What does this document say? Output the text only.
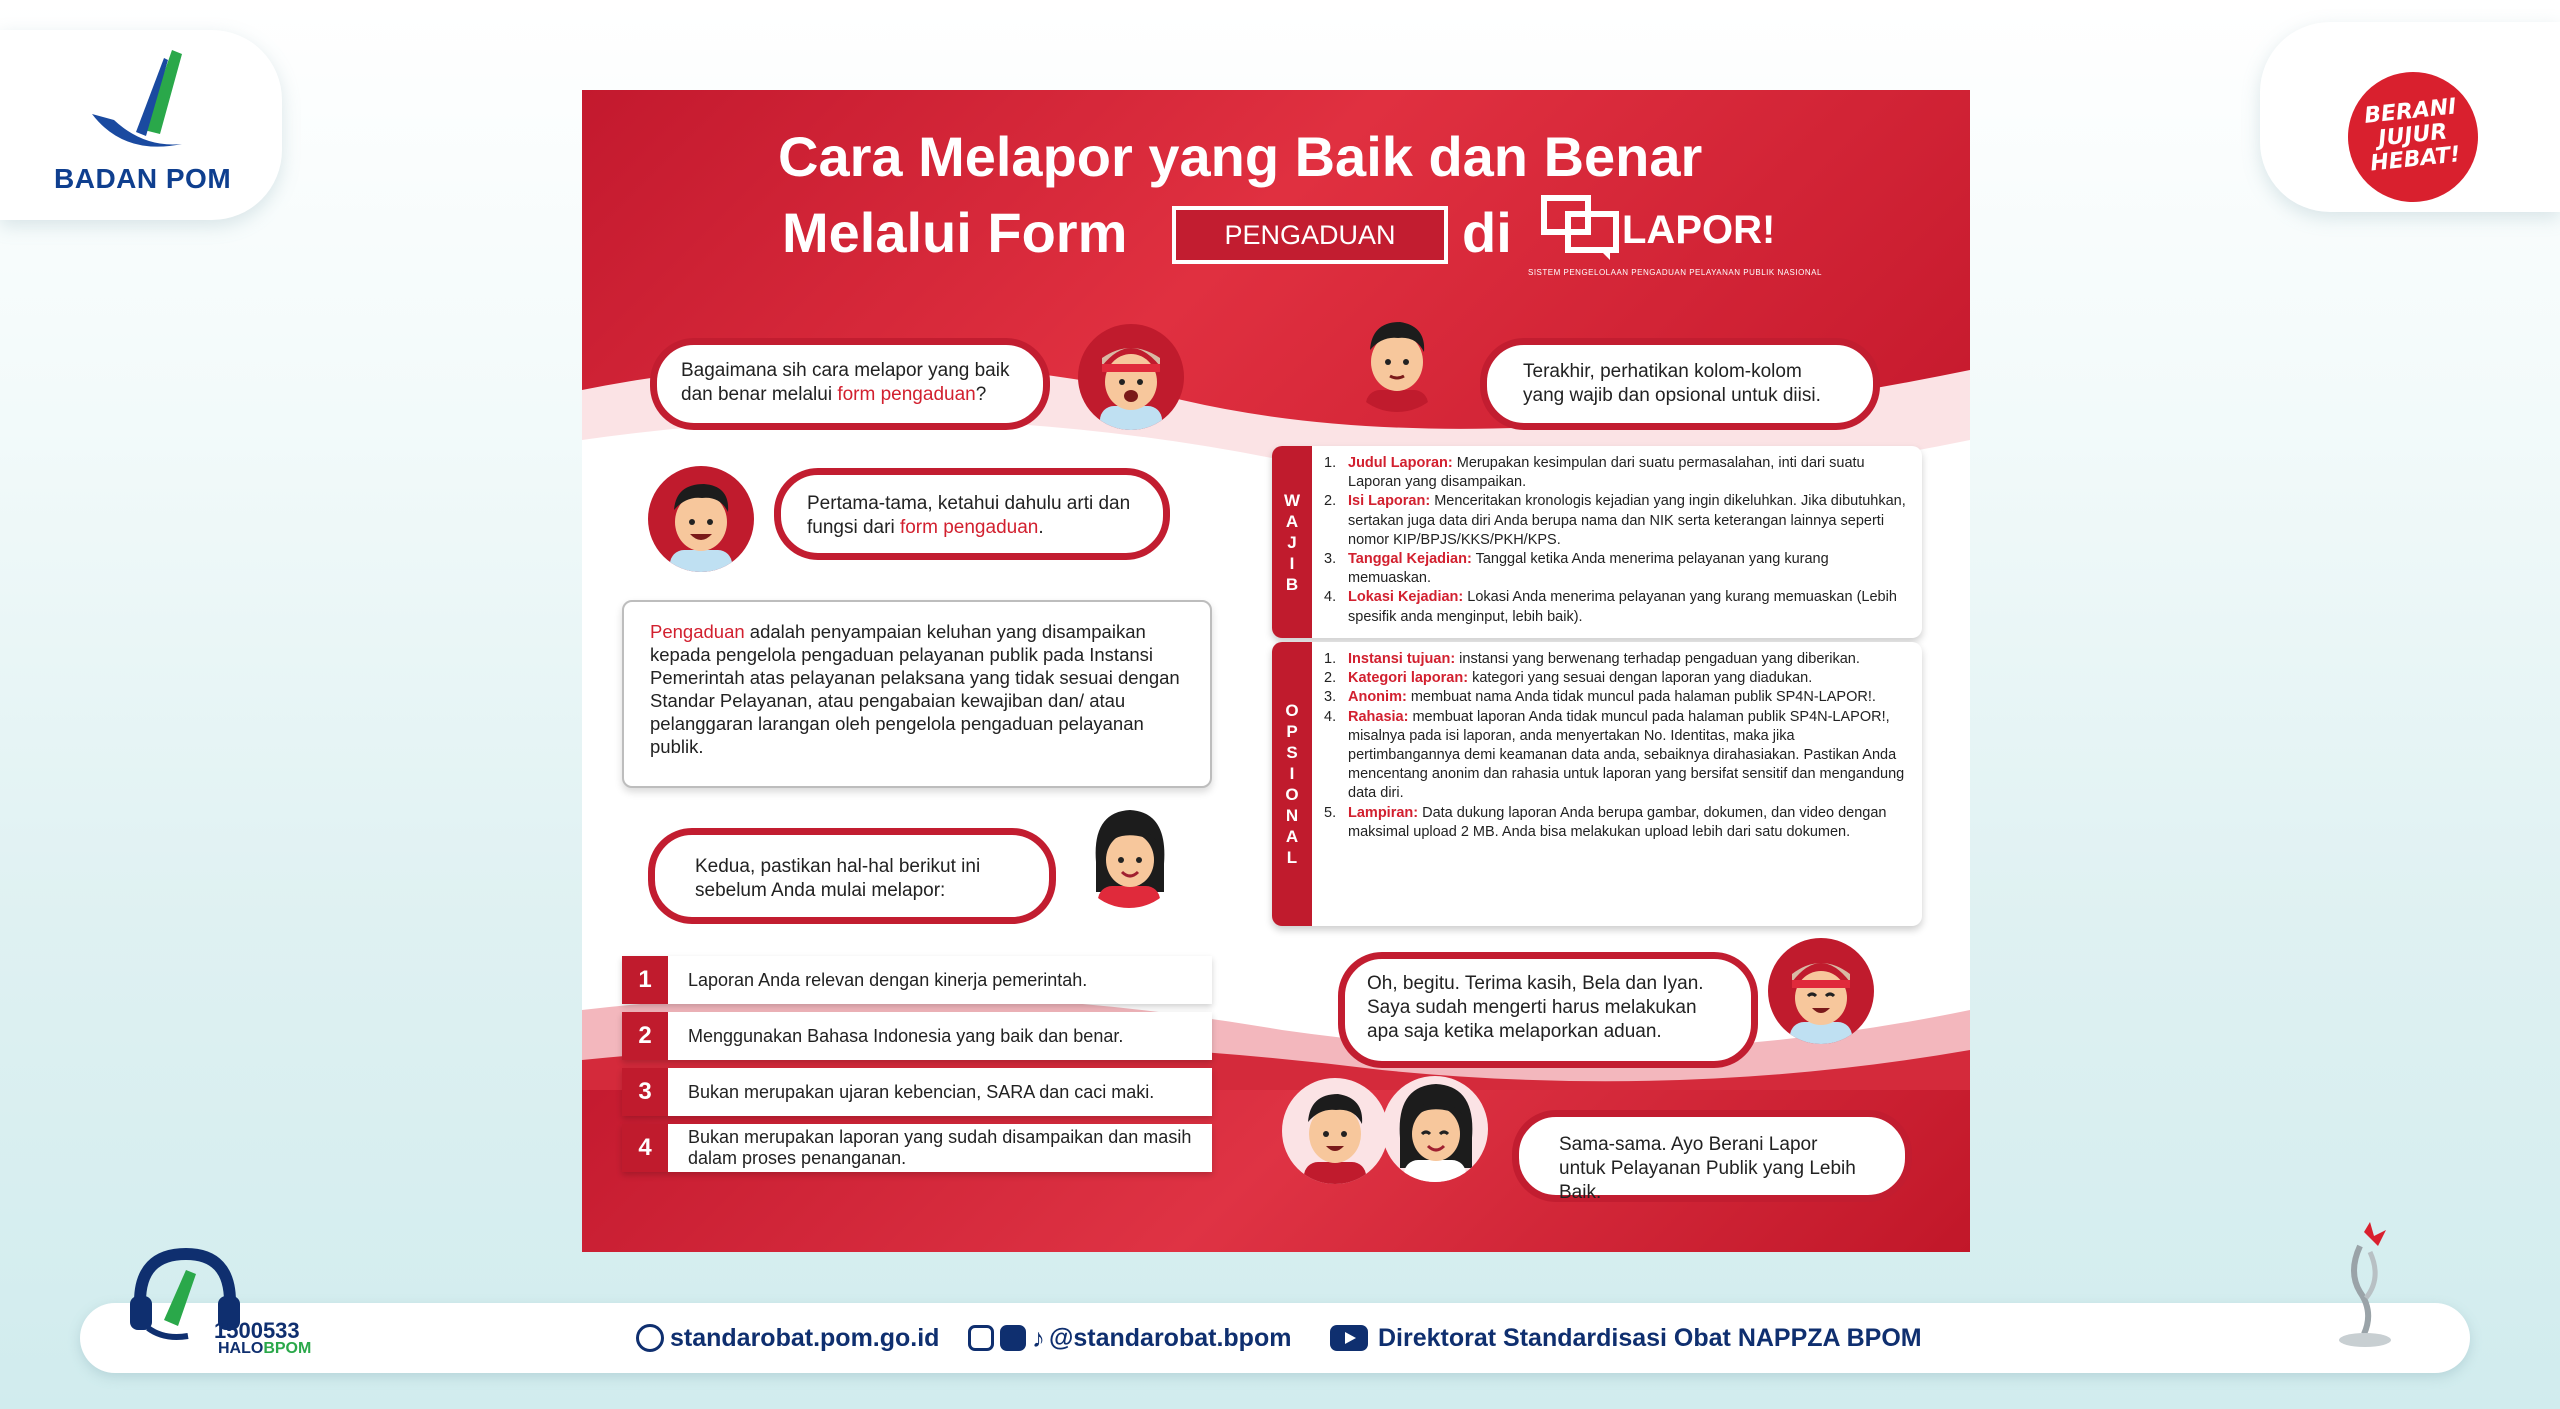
BADAN POM
BERANI JUJUR HEBAT!
Cara Melapor yang Baik dan Benar
Melalui Form	PENGADUAN	di	LAPOR!
SISTEM PENGELOLAAN PENGADUAN PELAYANAN PUBLIK NASIONAL
Bagaimana sih cara melapor yang baik dan benar melalui form pengaduan?
Pertama-tama, ketahui dahulu arti dan fungsi dari form pengaduan.
Pengaduan adalah penyampaian keluhan yang disampaikan kepada pengelola pengaduan pelayanan publik pada Instansi Pemerintah atas pelayanan pelaksana yang tidak sesuai dengan Standar Pelayanan, atau pengabaian kewajiban dan/ atau pelanggaran larangan oleh pengelola pengaduan pelayanan publik.
Kedua, pastikan hal-hal berikut ini sebelum Anda mulai melapor:
1	Laporan Anda relevan dengan kinerja pemerintah.
2	Menggunakan Bahasa Indonesia yang baik dan benar.
3	Bukan merupakan ujaran kebencian, SARA dan caci maki.
4	Bukan merupakan laporan yang sudah disampaikan dan masih dalam proses penanganan.
Terakhir, perhatikan kolom-kolom yang wajib dan opsional untuk diisi.
W
A
J
I
B
1. Judul Laporan: Merupakan kesimpulan dari suatu permasalahan, inti dari suatu Laporan yang disampaikan.
2. Isi Laporan: Menceritakan kronologis kejadian yang ingin dikeluhkan. Jika dibutuhkan, sertakan juga data diri Anda berupa nama dan NIK serta keterangan lainnya seperti nomor KIP/BPJS/KKS/PKH/KPS.
3. Tanggal Kejadian: Tanggal ketika Anda menerima pelayanan yang kurang memuaskan.
4. Lokasi Kejadian: Lokasi Anda menerima pelayanan yang kurang memuaskan (Lebih spesifik anda menginput, lebih baik).
O
P
S
I
O
N
A
L
1. Instansi tujuan: instansi yang berwenang terhadap pengaduan yang diberikan.
2. Kategori laporan: kategori yang sesuai dengan laporan yang diadukan.
3. Anonim: membuat nama Anda tidak muncul pada halaman publik SP4N-LAPOR!.
4. Rahasia: membuat laporan Anda tidak muncul pada halaman publik SP4N-LAPOR!, misalnya pada isi laporan, anda menyertakan No. Identitas, maka jika pertimbangannya demi keamanan data anda, sebaiknya dirahasiakan. Pastikan Anda mencentang anonim dan rahasia untuk laporan yang bersifat sensitif dan mengandung data diri.
5. Lampiran: Data dukung laporan Anda berupa gambar, dokumen, dan video dengan maksimal upload 2 MB. Anda bisa melakukan upload lebih dari satu dokumen.
Oh, begitu. Terima kasih, Bela dan Iyan. Saya sudah mengerti harus melakukan apa saja ketika melaporkan aduan.
Sama-sama. Ayo Berani Lapor untuk Pelayanan Publik yang Lebih Baik.
1500533
HALOBPOM	standarobat.pom.go.id	♪ @standarobat.bpom	Direktorat Standardisasi Obat NAPPZA BPOM
